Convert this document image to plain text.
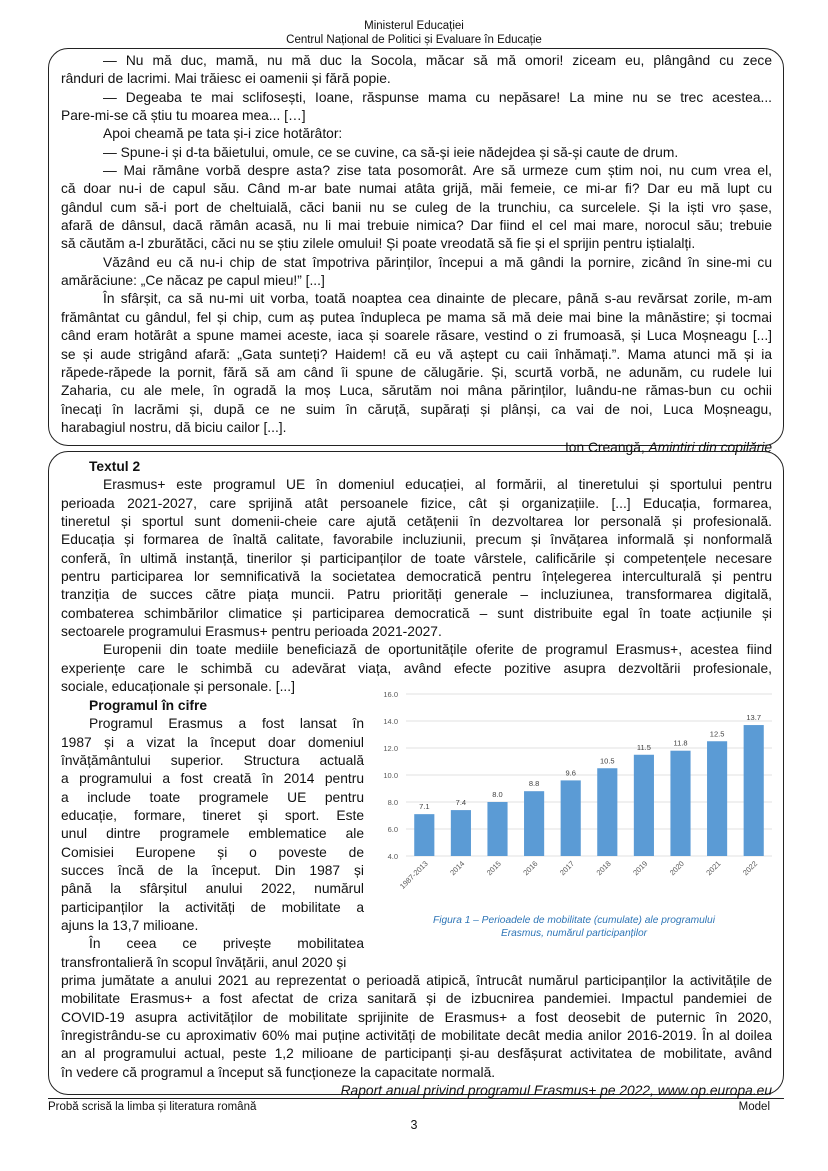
Ministerul Educației
Centrul Național de Politici și Evaluare în Educație

— Nu mă duc, mamă, nu mă duc la Socola, măcar să mă omori! ziceam eu, plângând cu zece

rânduri de lacrimi. Mai trăiesc ei oamenii și fără popie.

— Degeaba te mai sclifosești, Ioane, răspunse mama cu nepăsare! La mine nu se trec acestea...

Pare-mi-se că știu tu moarea mea... […]

Apoi cheamă pe tata și-i zice hotărâtor:

— Spune-i și d-ta băietului, omule, ce se cuvine, ca să-și ieie nădejdea și să-și caute de drum.

— Mai rămâne vorbă despre asta? zise tata posomorât. Are să urmeze cum știm noi, nu cum vrea el,

că doar nu-i de capul său. Când m-ar bate numai atâta grijă, măi femeie, ce mi-ar fi? Dar eu mă lupt cu

gândul cum să-i port de cheltuială, căci banii nu se culeg de la trunchiu, ca surcelele. Și la iști vro șase,

afară de dânsul, dacă rămân acasă, nu li mai trebuie nimica? Dar fiind el cel mai mare, norocul său; trebuie

să căutăm a-l zburătăci, căci nu se știu zilele omului! Și poate vreodată să fie și el sprijin pentru iștialalți.

Văzând eu că nu-i chip de stat împotriva părinților, începui a mă gândi la pornire, zicând în sine-mi cu

amărăciune: „Ce năcaz pe capul mieu!” [...]

În sfârșit, ca să nu-mi uit vorba, toată noaptea cea dinainte de plecare, până s-au revărsat zorile, m-am

frământat cu gândul, fel și chip, cum aș putea îndupleca pe mama să mă deie mai bine la mânăstire; și tocmai

când eram hotărât a spune mamei aceste, iaca și soarele răsare, vestind o zi frumoasă, și Luca Moșneagu [...]

se și aude strigând afară: „Gata sunteți? Haidem! că eu vă aștept cu caii înhămați.”. Mama atunci mă și ia

răpede-răpede la pornit, fără să am când îi spune de călugărie. Și, scurtă vorbă, ne adunăm, cu rudele lui

Zaharia, cu ale mele, în ogradă la moș Luca, sărutăm noi mâna părinților, luându-ne rămas-bun cu ochii

înecați în lacrămi și, după ce ne suim în căruță, supărați și plânși, ca vai de noi, Luca Moșneagu,

harabagiul nostru, dă biciu cailor [...].

Ion Creangă, Amintiri din copilărie

Textul 2

Erasmus+ este programul UE în domeniul educației, al formării, al tineretului și sportului pentru

perioada 2021-2027, care sprijină atât persoanele fizice, cât și organizațiile. [...] Educația, formarea,

tineretul și sportul sunt domenii-cheie care ajută cetățenii în dezvoltarea lor personală și profesională.

Educația și formarea de înaltă calitate, favorabile incluziunii, precum și învățarea informală și nonformală

conferă, în ultimă instanță, tinerilor și participanților de toate vârstele, calificările și competențele necesare

pentru participarea lor semnificativă la societatea democratică pentru înțelegerea interculturală și pentru

tranziția de succes către piața muncii. Patru priorități generale – incluziunea, transformarea digitală,

combaterea schimbărilor climatice și participarea democratică – sunt distribuite egal în toate acțiunile și

sectoarele programului Erasmus+ pentru perioada 2021-2027.

Europenii din toate mediile beneficiază de oportunitățile oferite de programul Erasmus+, acestea fiind

experiențe care le schimbă cu adevărat viața, având efecte pozitive asupra dezvoltării profesionale,

sociale, educaționale și personale. [...]

Programul în cifre

Programul Erasmus a fost lansat în

1987 și a vizat la început doar domeniul

învățământului superior. Structura actuală

a programului a fost creată în 2014 pentru

a include toate programele UE pentru

educație, formare, tineret și sport. Este

unul dintre programele emblematice ale

Comisiei Europene și o poveste de

succes încă de la început. Din 1987 și

până la sfârșitul anului 2022, numărul

participanților la activități de mobilitate a

ajuns la 13,7 milioane.

În ceea ce privește mobilitatea

transfrontalieră în scopul învățării, anul 2020 și

4.0
6.0
8.0
10.0
12.0
14.0
16.0
7.1
1987-2013
7.4
2014
8.0
2015
8.8
2016
9.6
2017
10.5
2018
11.5
2019
11.8
2020
12.5
2021
13.7
2022
Figura 1 – Perioadele de mobilitate (cumulate) ale programului
Erasmus, numărul participanților

prima jumătate a anului 2021 au reprezentat o perioadă atipică, întrucât numărul participanților la activitățile de

mobilitate Erasmus+ a fost afectat de criza sanitară și de izbucnirea pandemiei. Impactul pandemiei de

COVID-19 asupra activităților de mobilitate sprijinite de Erasmus+ a fost deosebit de puternic în 2020,

înregistrându-se cu aproximativ 60% mai puține activități de mobilitate decât media anilor 2016-2019. În al doilea

an al programului actual, peste 1,2 milioane de participanți și-au desfășurat activitatea de mobilitate, având

în vedere că programul a început să funcționeze la capacitate normală.

Raport anual privind programul Erasmus+ pe 2022, www.op.europa.eu

Probă scrisă la limba și literatura română	Model
3
